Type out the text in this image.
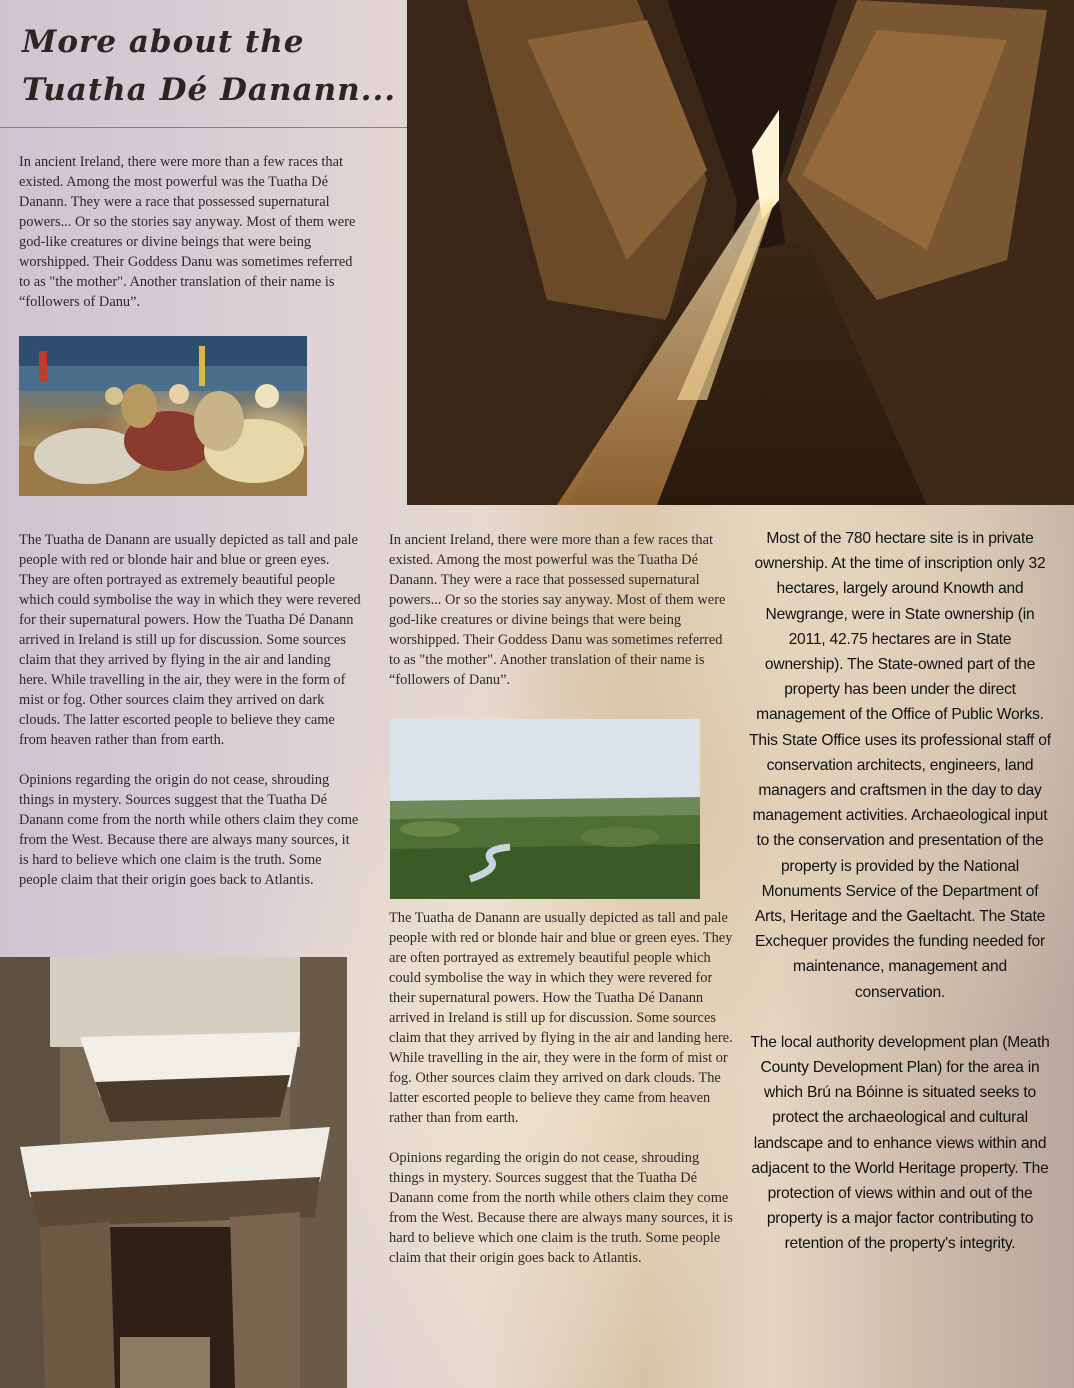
More about the
Tuatha Dé Danann...

In ancient Ireland, there were more than a few races that existed. Among the most powerful was the Tuatha Dé Danann. They were a race that possessed supernatural powers... Or so the stories say anyway. Most of them were god-like creatures or divine beings that were being worshipped. Their Goddess Danu was sometimes referred to as "the mother". Another translation of their name is “followers of Danu”.

The Tuatha de Danann are usually depicted as tall and pale people with red or blonde hair and blue or green eyes. They are often portrayed as extremely beautiful people which could symbolise the way in which they were revered for their supernatural powers. How the Tuatha Dé Danann arrived in Ireland is still up for discussion. Some sources claim that they arrived by flying in the air and landing here. While travelling in the air, they were in the form of mist or fog. Other sources claim they arrived on dark clouds. The latter escorted people to believe they came from heaven rather than from earth.

Opinions regarding the origin do not cease, shrouding things in mystery. Sources suggest that the Tuatha Dé Danann come from the north while others claim they come from the West. Because there are always many sources, it is hard to believe which one claim is the truth. Some people claim that their origin goes back to Atlantis.

In ancient Ireland, there were more than a few races that existed. Among the most powerful was the Tuatha Dé Danann. They were a race that possessed supernatural powers... Or so the stories say anyway. Most of them were god-like creatures or divine beings that were being worshipped. Their Goddess Danu was sometimes referred to as "the mother". Another translation of their name is “followers of Danu”.

The Tuatha de Danann are usually depicted as tall and pale people with red or blonde hair and blue or green eyes. They are often portrayed as extremely beautiful people which could symbolise the way in which they were revered for their supernatural powers. How the Tuatha Dé Danann arrived in Ireland is still up for discussion. Some sources claim that they arrived by flying in the air and landing here. While travelling in the air, they were in the form of mist or fog. Other sources claim they arrived on dark clouds. The latter escorted people to believe they came from heaven rather than from earth.

Opinions regarding the origin do not cease, shrouding things in mystery. Sources suggest that the Tuatha Dé Danann come from the north while others claim they come from the West. Because there are always many sources, it is hard to believe which one claim is the truth. Some people claim that their origin goes back to Atlantis.

Most of the 780 hectare site is in private ownership. At the time of inscription only 32 hectares, largely around Knowth and Newgrange, were in State ownership (in 2011, 42.75 hectares are in State ownership). The State-owned part of the property has been under the direct management of the Office of Public Works. This State Office uses its professional staff of conservation architects, engineers, land managers and craftsmen in the day to day management activities. Archaeological input to the conservation and presentation of the property is provided by the National Monuments Service of the Department of Arts, Heritage and the Gaeltacht. The State Exchequer provides the funding needed for maintenance, management and conservation.

The local authority development plan (Meath County Development Plan) for the area in which Brú na Bóinne is situated seeks to protect the archaeological and cultural landscape and to enhance views within and adjacent to the World Heritage property. The protection of views within and out of the property is a major factor contributing to retention of the property's integrity.
